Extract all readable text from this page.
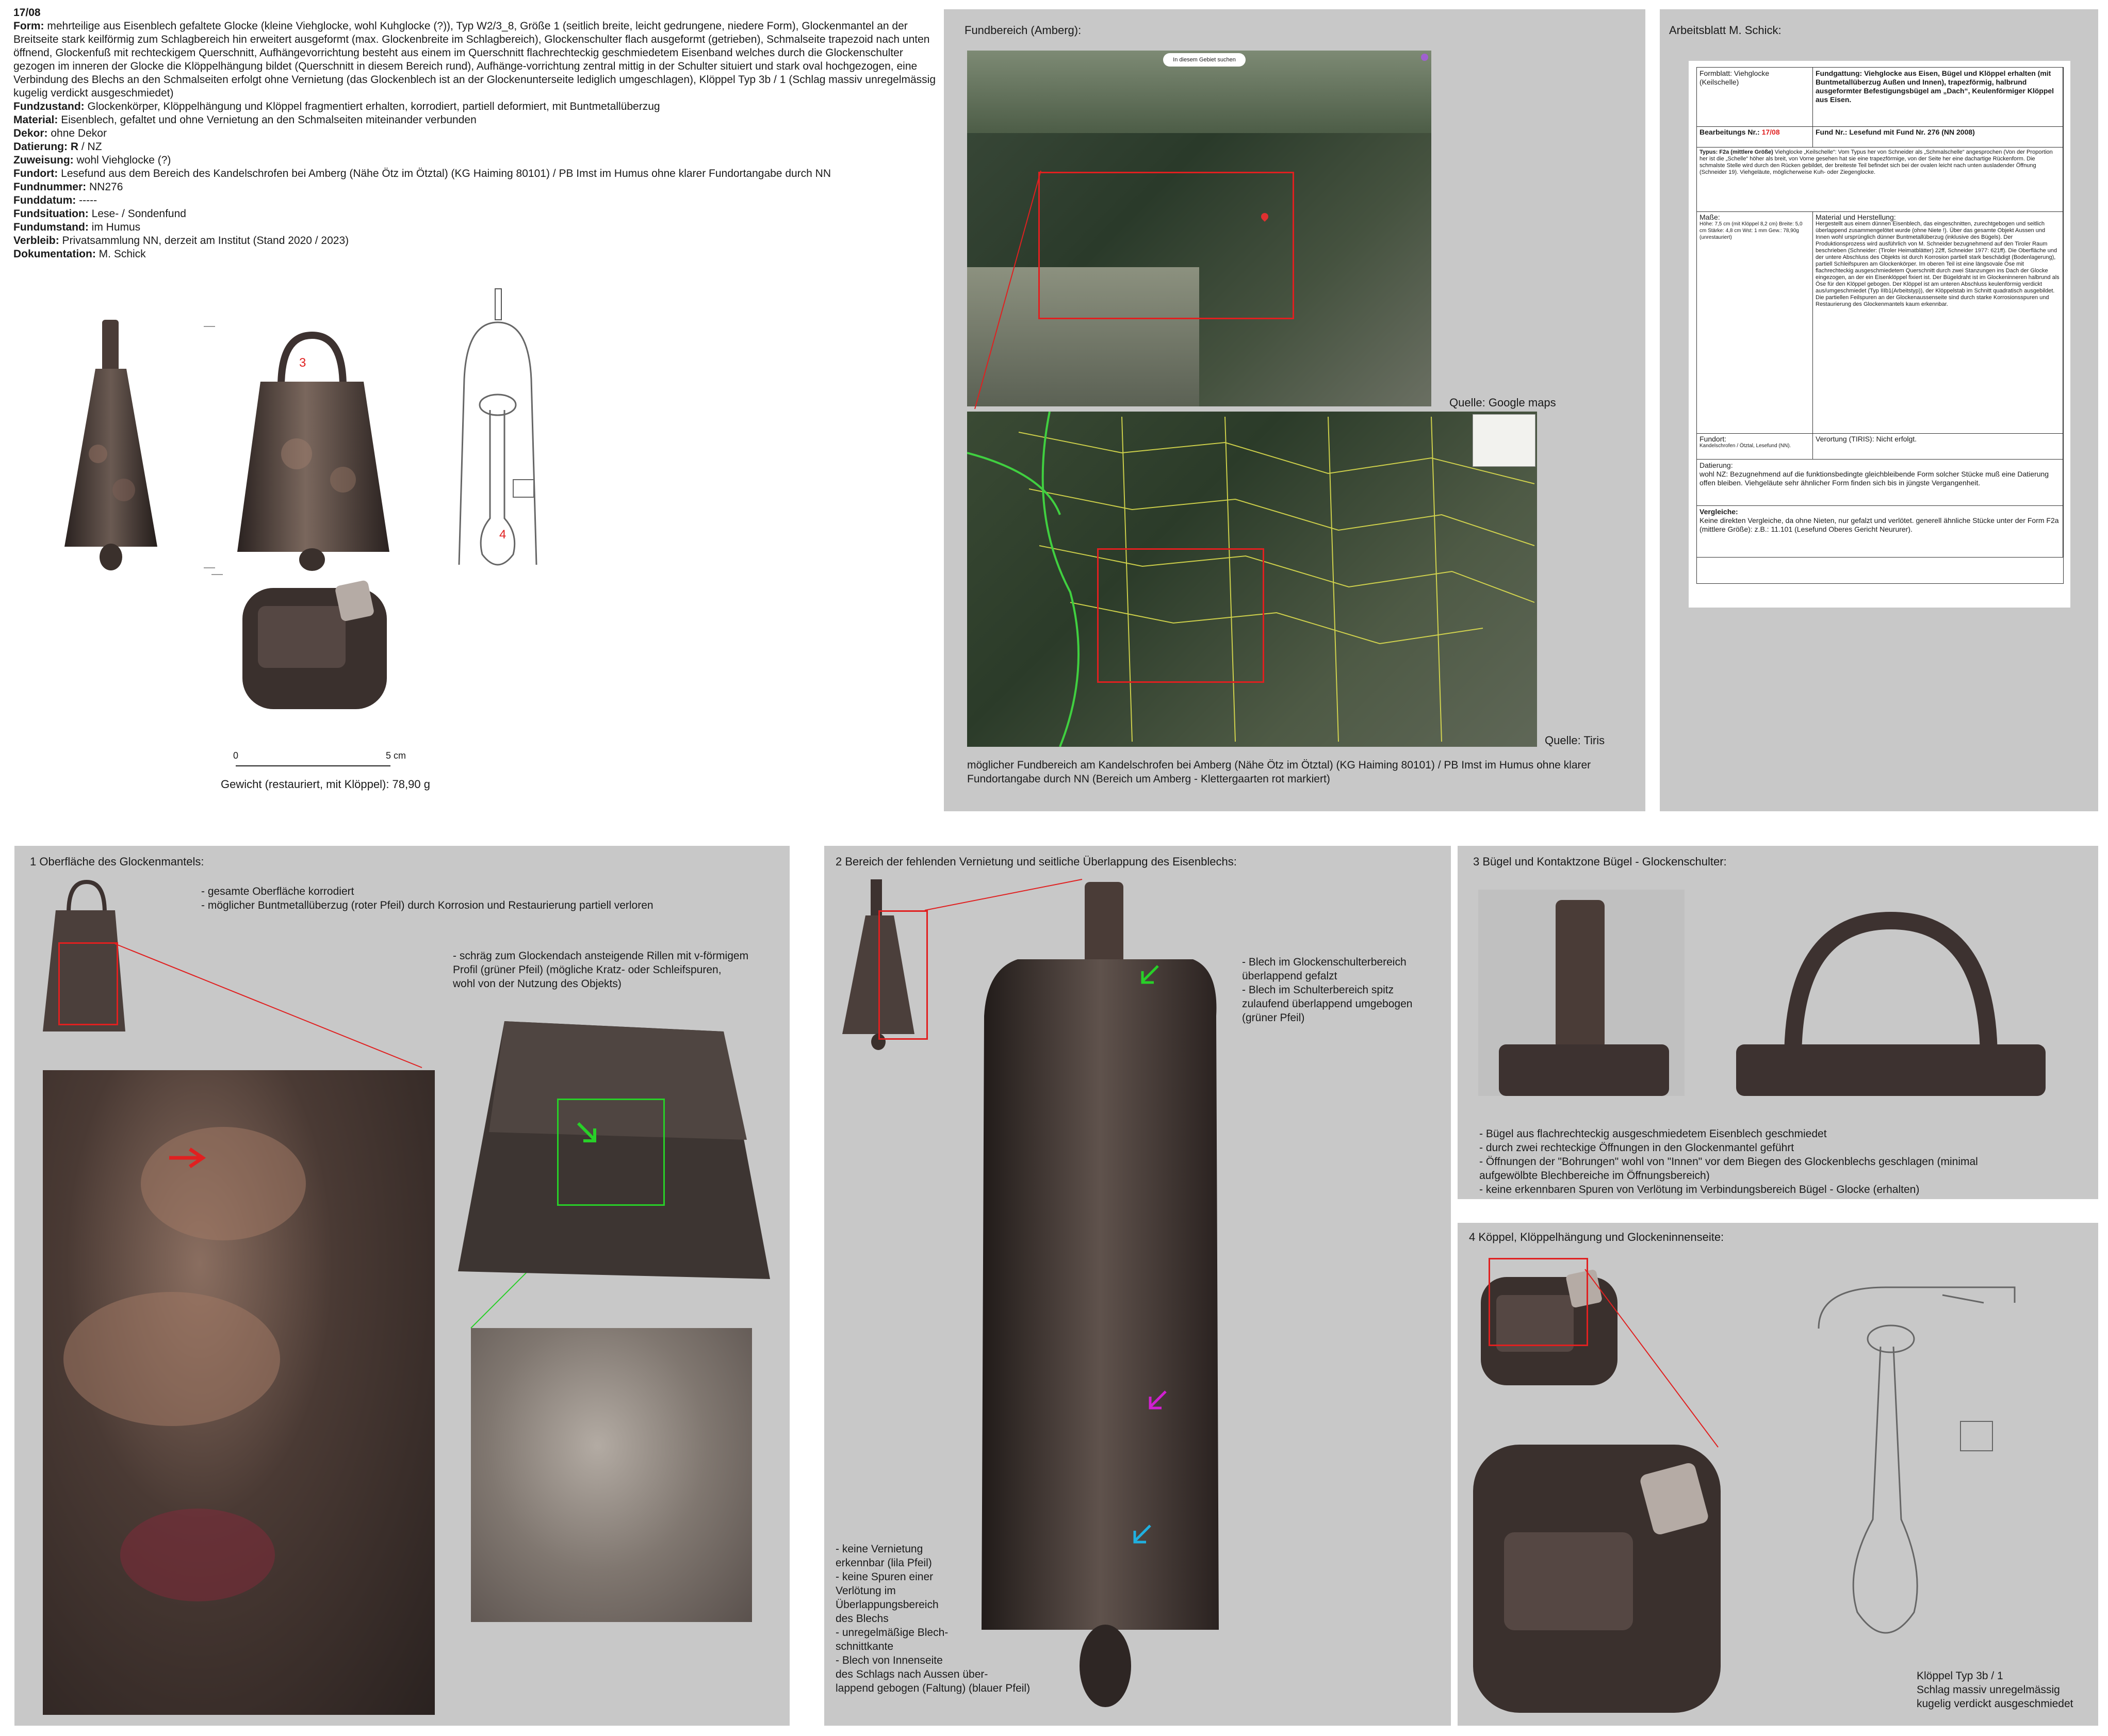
17/08

Form: mehrteilige aus Eisenblech gefaltete Glocke (kleine Viehglocke, wohl Kuhglocke (?)), Typ W2/3_8, Größe 1 (seitlich breite, leicht gedrungene, niedere Form), Glockenmantel an der Breitseite stark keilförmig zum Schlagbereich hin erweitert ausgeformt (max. Glockenbreite im Schlagbereich), Glockenschulter flach ausgeformt (getrieben), Schmalseite trapezoid nach unten öffnend, Glockenfuß mit rechteckigem Querschnitt, Aufhängevorrichtung besteht aus einem im Querschnitt flachrechteckig geschmiedetem Eisenband welches durch die Glockenschulter gezogen im inneren der Glocke die Klöppelhängung bildet (Querschnitt in diesem Bereich rund), Aufhänge-vorrichtung zentral mittig in der Schulter situiert und stark oval hochgezogen, eine Verbindung des Blechs an den Schmalseiten erfolgt ohne Vernietung (das Glockenblech ist an der Glockenunterseite lediglich umgeschlagen), Klöppel Typ 3b / 1 (Schlag massiv unregelmässig kugelig verdickt ausgeschmiedet)

Fundzustand: Glockenkörper, Klöppelhängung und Klöppel fragmentiert erhalten, korrodiert, partiell deformiert, mit Buntmetallüberzug

Material: Eisenblech, gefaltet und ohne Vernietung an den Schmalseiten miteinander verbunden

Dekor: ohne Dekor

Datierung: R / NZ

Zuweisung: wohl Viehglocke (?)

Fundort: Lesefund aus dem Bereich des Kandelschrofen bei Amberg (Nähe Ötz im Ötztal) (KG Haiming 80101) / PB Imst im Humus ohne klarer Fundortangabe durch NN

Fundnummer: NN276

Funddatum: -----

Fundsituation: Lese- / Sondenfund

Fundumstand: im Humus

Verbleib: Privatsammlung NN, derzeit am Institut (Stand 2020 / 2023)

Dokumentation: M. Schick

3
4
0	5 cm
Gewicht (restauriert, mit Klöppel): 78,90 g
Fundbereich (Amberg):
In diesem Gebiet suchen
Quelle: Google maps
Quelle: Tiris
möglicher Fundbereich am Kandelschrofen bei Amberg (Nähe Ötz im Ötztal) (KG Haiming 80101) / PB Imst im Humus ohne klarer Fundortangabe durch NN (Bereich um Amberg - Klettergaarten rot markiert)
Arbeitsblatt M. Schick:
Formblatt: Viehglocke (Keilschelle)
Fundgattung: Viehglocke aus Eisen, Bügel und Klöppel erhalten (mit Buntmetallüberzug Außen und Innen), trapezförmig, halbrund ausgeformter Befestigungsbügel am „Dach“, Keulenförmiger Klöppel aus Eisen.
Bearbeitungs Nr.: 17/08	Fund Nr.: Lesefund mit Fund Nr. 276 (NN 2008)
Typus: F2a (mittlere Größe) Viehglocke „Keilschelle“: Vom Typus her von Schneider als „Schmalschelle“ angesprochen (Von der Proportion her ist die „Schelle“ höher als breit, von Vorne gesehen hat sie eine trapezförmige, von der Seite her eine dachartige Rückenform. Die schmalste Stelle wird durch den Rücken gebildet, der breiteste Teil befindet sich bei der ovalen leicht nach unten ausladender Öffnung (Schneider 19). Viehgeläute, möglicherweise Kuh- oder Ziegenglocke.
Maße:
Höhe: 7,5 cm (mit Klöppel 8,2 cm) Breite: 5,0 cm Stärke: 4,8 cm Wst: 1 mm Gew.: 78,90g (unrestauriert)
Material und Herstellung:
Hergestellt aus einem dünnen Eisenblech, das eingeschnitten, zurechtgebogen und seitlich überlappend zusammengelötet wurde (ohne Niete !). Über das gesamte Objekt Aussen und Innen wohl ursprünglich dünner Buntmetallüberzug (inklusive des Bügels). Der Produktionsprozess wird ausführlich von M. Schneider bezugnehmend auf den Tiroler Raum beschrieben (Schneider: (Tiroler Heimatblätter) 22ff, Schneider 1977: 621ff). Die Oberfläche und der untere Abschluss des Objekts ist durch Korrosion partiell stark beschädigt (Bodenlagerung), partiell Schleifspuren am Glockenkörper. Im oberen Teil ist eine längsovale Öse mit flachrechteckig ausgeschmiedetem Querschnitt durch zwei Stanzungen ins Dach der Glocke eingezogen, an der ein Eisenklöppel fixiert ist. Der Bügeldraht ist im Glockeninneren halbrund als Öse für den Klöppel gebogen. Der Klöppel ist am unteren Abschluss keulenförmig verdickt aus/umgeschmiedet (Typ IIIb1(Arbeitstyp)), der Klöppelstab im Schnitt quadratisch ausgebildet. Die partiellen Feilspuren an der Glockenaussenseite sind durch starke Korrosionsspuren und Restaurierung des Glockenmantels kaum erkennbar.
Fundort:
Kandelschrofen / Ötztal, Lesefund (NN).
Verortung (TIRIS): Nicht erfolgt.
Datierung:
wohl NZ: Bezugnehmend auf die funktionsbedingte gleichbleibende Form solcher Stücke muß eine Datierung offen bleiben. Viehgeläute sehr ähnlicher Form finden sich bis in jüngste Vergangenheit.
Vergleiche:
Keine direkten Vergleiche, da ohne Nieten, nur gefalzt und verlötet. generell ähnliche Stücke unter der Form F2a (mittlere Größe): z.B.: 11.101 (Lesefund Oberes Gericht Neururer).
1 Oberfläche des Glockenmantels:
- gesamte Oberfläche korrodiert
- möglicher Buntmetallüberzug (roter Pfeil) durch Korrosion und Restaurierung partiell verloren
- schräg zum Glockendach ansteigende Rillen mit v-förmigem
Profil (grüner Pfeil) (mögliche Kratz- oder Schleifspuren,
wohl von der Nutzung des Objekts)
2 Bereich der fehlenden Vernietung und seitliche Überlappung des Eisenblechs:
- Blech im Glockenschulterbereich
überlappend gefalzt
- Blech im Schulterbereich spitz
zulaufend überlappend umgebogen
(grüner Pfeil)
- keine Vernietung
erkennbar (lila Pfeil)
- keine Spuren einer
Verlötung im
Überlappungsbereich
des Blechs
- unregelmäßige Blech-
schnittkante
- Blech von Innenseite
des Schlags nach Aussen über-
lappend gebogen (Faltung) (blauer Pfeil)
3 Bügel und Kontaktzone Bügel - Glockenschulter:
- Bügel aus flachrechteckig ausgeschmiedetem Eisenblech geschmiedet
- durch zwei rechteckige Öffnungen in den Glockenmantel geführt
- Öffnungen der "Bohrungen" wohl von "Innen" vor dem Biegen des Glockenblechs geschlagen (minimal
aufgewölbte Blechbereiche im Öffnungsbereich)
- keine erkennbaren Spuren von Verlötung im Verbindungsbereich Bügel - Glocke (erhalten)
4 Köppel, Klöppelhängung und Glockeninnenseite:
Klöppel Typ 3b / 1
Schlag massiv unregelmässig
kugelig verdickt ausgeschmiedet
